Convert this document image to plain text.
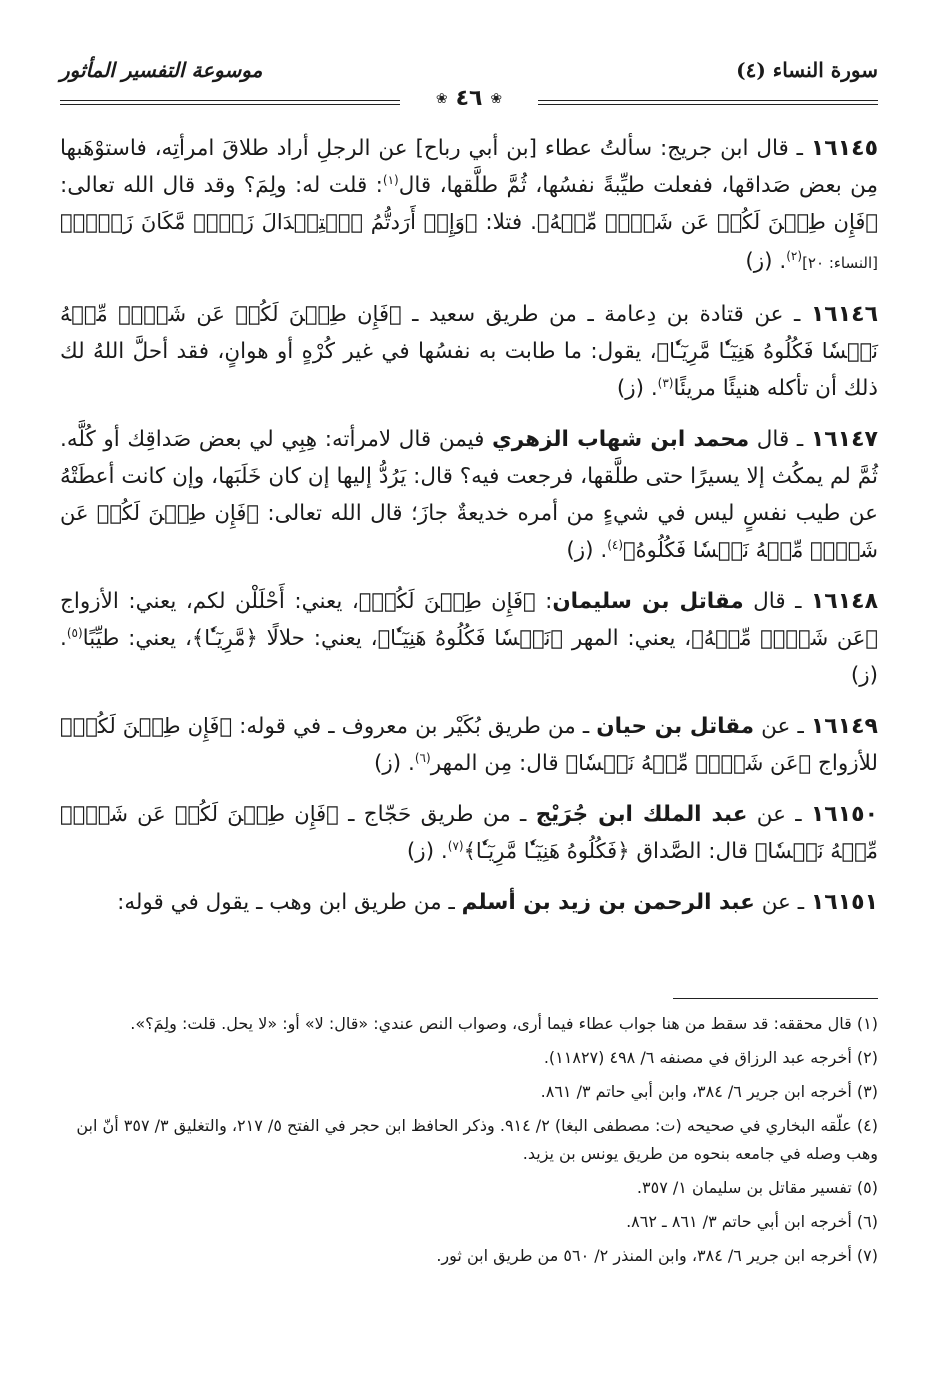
سورة النساء (٤)
موسوعة التفسير المأثور
❀٤٦❀

١٦١٤٥ ـ قال ابن جريج: سألتُ عطاء [بن أبي رباح] عن الرجلِ أراد طلاقَ امرأتِه، فاستوْهَبها مِن بعض صَداقها، ففعلت طيِّبةً نفسُها، ثُمَّ طلَّقها، قال$^{(١)}$: قلت له: ولِمَ؟ وقد قال الله تعالى: ﴿فَإِن طِبۡنَ لَكُمۡ عَن شَيۡءٖ مِّنۡهُ﴾. فتلا: ﴿وَإِنۡ أَرَدتُّمُ ٱسۡتِبۡدَالَ زَوۡجٖ مَّكَانَ زَوۡجٖ﴾ [النساء: ٢٠]$^{(٢)}$. (ز)

١٦١٤٦ ـ عن قتادة بن دِعامة ـ من طريق سعيد ـ ﴿فَإِن طِبۡنَ لَكُمۡ عَن شَيۡءٖ مِّنۡهُ نَفۡسٗا فَكُلُوهُ هَنِيٓـٔٗا مَّرِيٓـٔٗا﴾، يقول: ما طابت به نفسُها في غير كُرْهٍ أو هوانٍ، فقد أحلَّ اللهُ لك ذلك أن تأكله هنيئًا مريئًا$^{(٣)}$. (ز)

١٦١٤٧ ـ قال محمد ابن شهاب الزهري فيمن قال لامرأته: هِبِي لي بعض صَداقِك أو كُلَّه. ثُمَّ لم يمكُث إلا يسيرًا حتى طلَّقها، فرجعت فيه؟ قال: يَرُدُّ إليها إن كان خَلَبَها، وإن كانت أعطَتْهُ عن طيب نفسٍ ليس في شيءٍ من أمره خديعةٌ جازَ؛ قال الله تعالى: ﴿فَإِن طِبۡنَ لَكُمۡ عَن شَيۡءٖ مِّنۡهُ نَفۡسٗا فَكُلُوهُ﴾$^{(٤)}$. (ز)

١٦١٤٨ ـ قال مقاتل بن سليمان: ﴿فَإِن طِبۡنَ لَكُمۡ﴾، يعني: أَحْلَلْن لكم، يعني: الأزواج ﴿عَن شَيۡءٖ مِّنۡهُ﴾، يعني: المهر ﴿نَفۡسٗا فَكُلُوهُ هَنِيٓـٔٗا﴾، يعني: حلالًا ﴿مَّرِيٓـٔٗا﴾، يعني: طيِّبًا$^{(٥)}$. (ز)

١٦١٤٩ ـ عن مقاتل بن حيان ـ من طريق بُكَيْر بن معروف ـ في قوله: ﴿فَإِن طِبۡنَ لَكُمۡ﴾ للأزواج ﴿عَن شَيۡءٖ مِّنۡهُ نَفۡسٗا﴾ قال: مِن المهر$^{(٦)}$. (ز)

١٦١٥٠ ـ عن عبد الملك ابن جُرَيْج ـ من طريق حَجّاج ـ ﴿فَإِن طِبۡنَ لَكُمۡ عَن شَيۡءٖ مِّنۡهُ نَفۡسٗا﴾ قال: الصَّداق ﴿فَكُلُوهُ هَنِيٓـٔٗا مَّرِيٓـٔٗا﴾$^{(٧)}$. (ز)

١٦١٥١ ـ عن عبد الرحمن بن زيد بن أسلم ـ من طريق ابن وهب ـ يقول في قوله:

(١) قال محققه: قد سقط من هنا جواب عطاء فيما أرى، وصواب النص عندي: «قال: لا» أو: «لا يحل. قلت: ولِمَ؟».

(٢) أخرجه عبد الرزاق في مصنفه ٦/ ٤٩٨ (١١٨٢٧).

(٣) أخرجه ابن جرير ٦/ ٣٨٤، وابن أبي حاتم ٣/ ٨٦١.

(٤) علّقه البخاري في صحيحه (ت: مصطفى البغا) ٢/ ٩١٤. وذكر الحافظ ابن حجر في الفتح ٥/ ٢١٧، والتغليق ٣/ ٣٥٧ أنّ ابن وهب وصله في جامعه بنحوه من طريق يونس بن يزيد.

(٥) تفسير مقاتل بن سليمان ١/ ٣٥٧.

(٦) أخرجه ابن أبي حاتم ٣/ ٨٦١ ـ ٨٦٢.

(٧) أخرجه ابن جرير ٦/ ٣٨٤، وابن المنذر ٢/ ٥٦٠ من طريق ابن ثور.
